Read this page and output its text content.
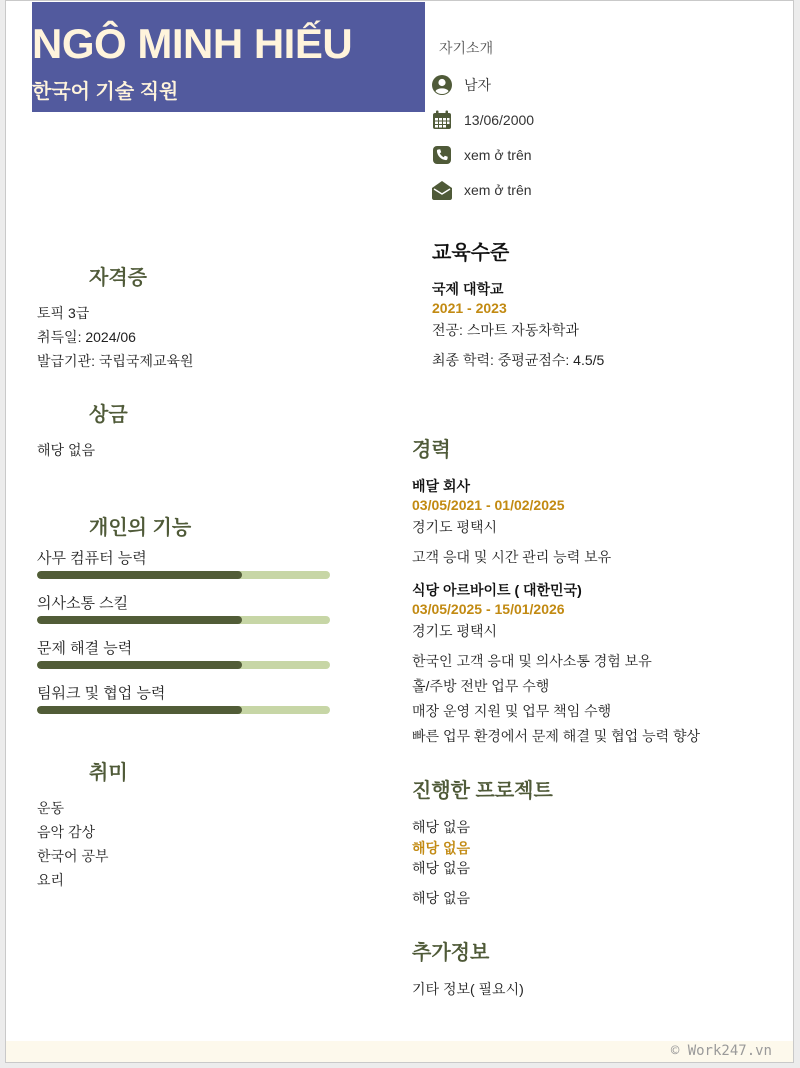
NGÔ MINH HIẾU
한국어 기술 직원
자기소개
남자
13/06/2000
xem ở trên
xem ở trên
교육수준
국제 대학교
2021 - 2023
전공: 스마트 자동차학과
최종 학력: 중평균점수: 4.5/5
자격증
토픽 3급
취득일: 2024/06
발급기관: 국립국제교육원
상금
해당 없음
개인의 기능
사무 컴퓨터 능력
의사소통 스킬
문제 해결 능력
팀워크 및 협업 능력
취미
운동
음악 감상
한국어 공부
요리
경력
배달 회사
03/05/2021 - 01/02/2025
경기도 평택시
고객 응대 및 시간 관리 능력 보유
식당 아르바이트 ( 대한민국)
03/05/2025 - 15/01/2026
경기도 평택시
한국인 고객 응대 및 의사소통 경험 보유
홀/주방 전반 업무 수행
매장 운영 지원 및 업무 책임 수행
빠른 업무 환경에서 문제 해결 및 협업 능력 향상
진행한 프로젝트
해당 없음
해당 없음
해당 없음
해당 없음
추가정보
기타 정보( 필요시)
© Work247.vn
